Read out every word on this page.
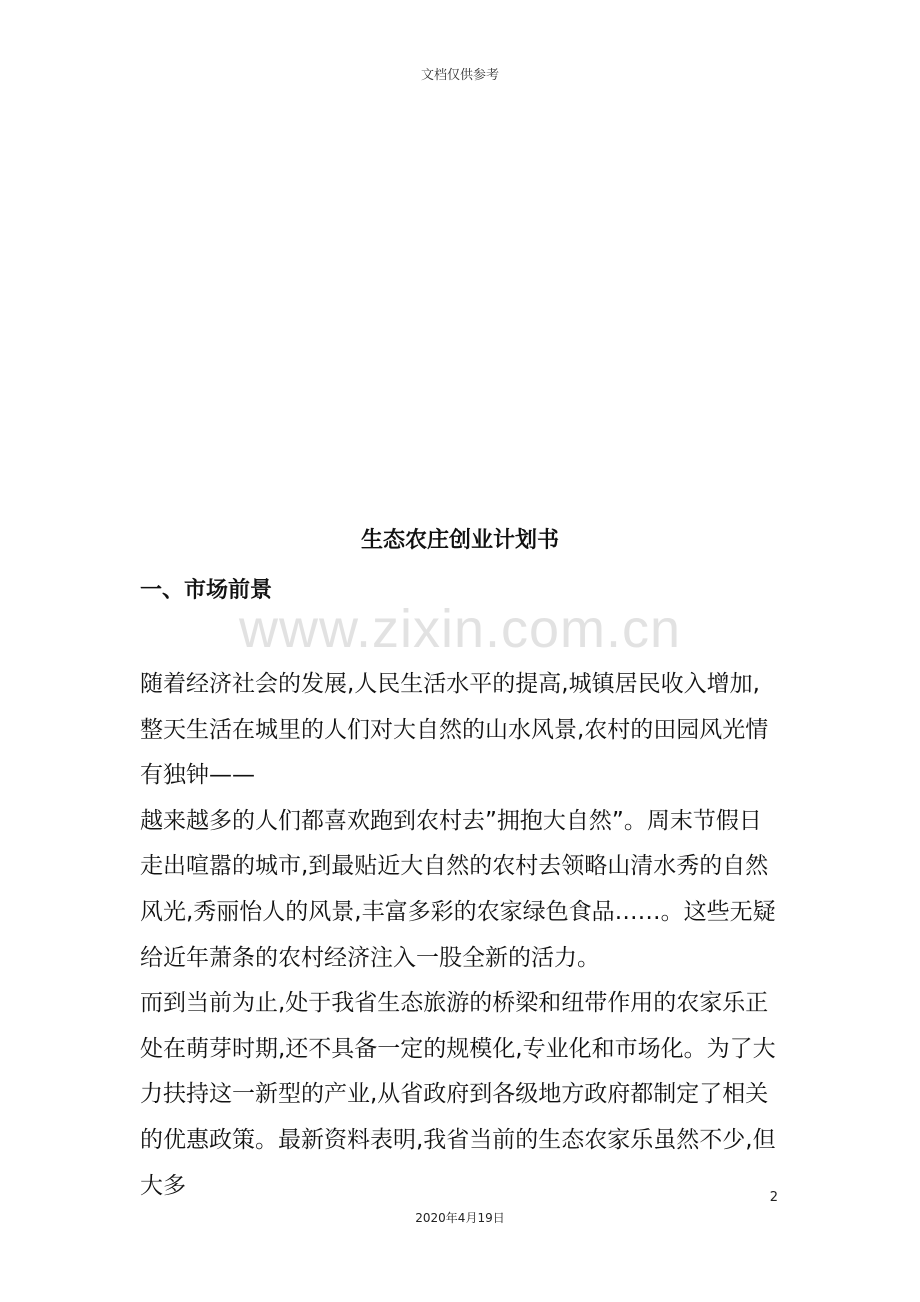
文档仅供参考
www.zixin.com.cn
生态农庄创业计划书
一、市场前景

随着经济社会的发展,人民生活水平的提高,城镇居民收入增加,整天生活在城里的人们对大自然的山水风景,农村的田园风光情有独钟——

越来越多的人们都喜欢跑到农村去”拥抱大自然”。周末节假日走出喧嚣的城市,到最贴近大自然的农村去领略山清水秀的自然风光,秀丽怡人的风景,丰富多彩的农家绿色食品……。这些无疑给近年萧条的农村经济注入一股全新的活力。

而到当前为止,处于我省生态旅游的桥梁和纽带作用的农家乐正处在萌芽时期,还不具备一定的规模化,专业化和市场化。为了大力扶持这一新型的产业,从省政府到各级地方政府都制定了相关的优惠政策。最新资料表明,我省当前的生态农家乐虽然不少,但大多	2
2020年4月19日
